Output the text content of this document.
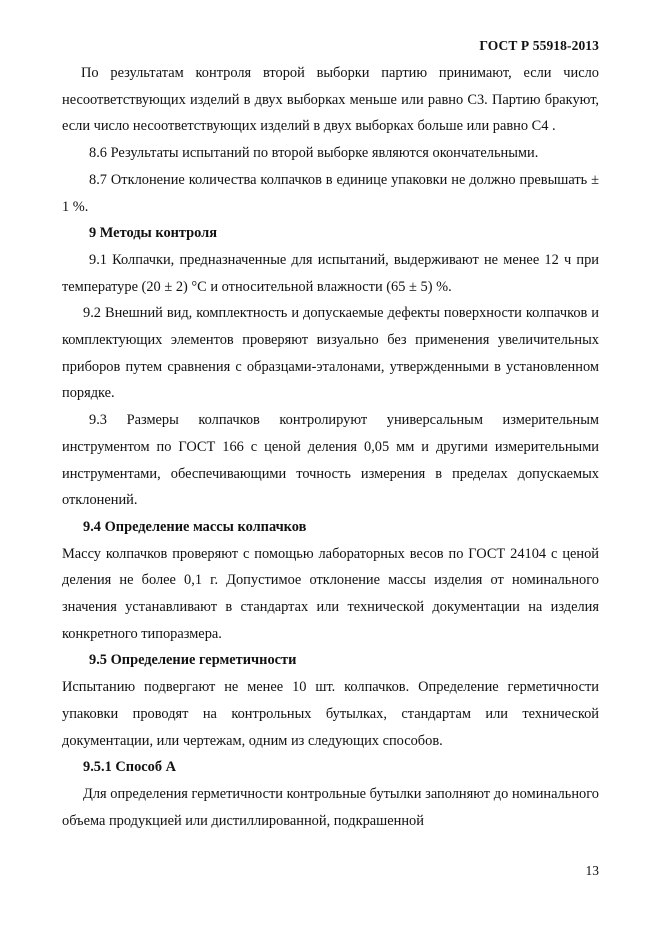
ГОСТ Р 55918-2013

По результатам контроля второй выборки партию принимают, если число несоответствующих изделий в двух выборках меньше или равно С3. Партию бракуют, если число несоответствующих изделий в двух выборках больше или равно С4 .

8.6 Результаты испытаний по второй выборке являются окончательными.

8.7 Отклонение количества колпачков в единице упаковки не должно превышать ± 1 %.

9 Методы контроля

9.1 Колпачки, предназначенные для испытаний, выдерживают не менее 12 ч при температуре (20 ± 2) °С и относительной влажности (65 ± 5) %.

9.2 Внешний вид, комплектность и допускаемые дефекты поверхности колпачков и комплектующих элементов проверяют визуально без применения увеличительных приборов путем сравнения с образцами-эталонами, утвержденными в установленном порядке.

9.3 Размеры колпачков контролируют универсальным измерительным инструментом по ГОСТ 166 с ценой деления 0,05 мм и другими измерительными инструментами, обеспечивающими точность измерения в пределах допускаемых отклонений.

9.4 Определение массы колпачков

Массу колпачков проверяют с помощью лабораторных весов по ГОСТ 24104 с ценой деления не более 0,1 г. Допустимое отклонение массы изделия от номинального значения устанавливают в стандартах или технической документации на изделия конкретного типоразмера.

9.5 Определение герметичности

Испытанию подвергают не менее 10 шт. колпачков. Определение герметичности упаковки проводят на контрольных бутылках, стандартам или технической документации, или чертежам, одним из следующих способов.

9.5.1 Способ А

Для определения герметичности контрольные бутылки заполняют до номинального объема продукцией или дистиллированной, подкрашенной

13
